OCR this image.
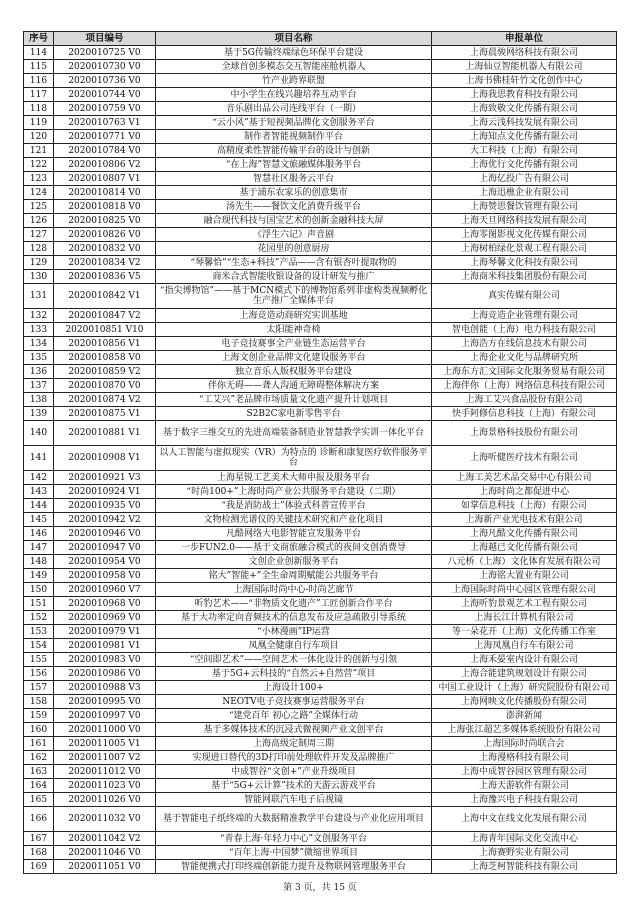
序号	项目编号	项目名称	申报单位
114	2020010725 V0	基于5G传输终端绿色环保平台建设	上海晨骏网络科技有限公司
115	2020010730 V0	全球首创多模态交互智能座舱机器人	上海仙豆智能机器人有限公司
116	2020010736 V0	竹产业跨界联盟	上海书佛桂轩竹文化创作中心
117	2020010744 V0	中小学生在线兴趣培养互动平台	上海我思教育科技有限公司
118	2020010759 V0	音乐剧出品公司连线平台（一期）	上海致敬文化传播有限公司
119	2020010763 V1	“云小风”基于短视频品牌化文创服务平台	上海云浅科技发展有限公司
120	2020010771 V0	制作者智能视频制作平台	上海知点文化传播有限公司
121	2020010784 V0	高精度柔性智能传输平台的设计与创新	大工科技（上海）有限公司
122	2020010806 V2	“在上海”智慧文旅融媒体服务平台	上海优行文化传播有限公司
123	2020010807 V1	智慧社区服务云平台	上海亿投广告有限公司
124	2020010814 V0	基于浦东农家乐的创意集市	上海迅樵企业有限公司
125	2020010818 V0	汤先生——餐饮文化消费升级平台	上海赞思餐饮管理有限公司
126	2020010825 V0	融合现代科技与国宝艺术的创新金融科技大屏	上海天旦网络科技发展有限公司
127	2020010826 V0	《浮生六记》声音剧	上海零图影视文化传媒有限公司
128	2020010832 V0	花园里的创意厨房	上海树柏绿化景观工程有限公司
129	2020010834 V2	“琴馨恰”“生态+科技”产品——含有银杏叶提取物的	上海琴馨文化科技有限公司
130	2020010836 V5	商米合式智能收银设备的设计研发与推广	上海商米科技集团股份有限公司
131	2020010842 V1	“指尖博物馆”——基于MCN模式下的博物馆系列非虚构类视频孵化生产推广全媒体平台	真实传媒有限公司
132	2020010847 V2	上海竞造动商研究实训基地	上海竞造企业管理有限公司
133	2020010851 V10	太阳能神奇椅	智电创能（上海）电力科技有限公司
134	2020010856 V1	电子竞技赛事全产业链生态运营平台	上海浩方在线信息技术有限公司
135	2020010858 V0	上海文创企业品牌文化建设服务平台	上海企业文化与品牌研究所
136	2020010859 V2	独立音乐人版权服务平台建设	上海东方汇文国际文化服务贸易有限公司
137	2020010870 V0	伴你无碍——聋人沟通无障碍整体解决方案	上海伴你（上海）网络信息科技有限公司
138	2020010874 V2	“工艾兴”老品牌市场质量文化遗产提升计划项目	上海工艾兴食品股份有限公司
139	2020010875 V1	S2B2C家电新零售平台	快手阿修信息科技（上海）有限公司
140	2020010881 V1	基于数字三维交互的先进高端装备制造业智慧教学实训一体化平台	上海景格科技股份有限公司
141	2020010908 V1	以人工智能与虚拟现实（VR）为特点的 诊断和康复医疗软件服务平台	上海听健医疗技术有限公司
142	2020010921 V3	上海星锐工艺美术大师申报及服务平台	上海工美艺术品交易中心有限公司
143	2020010924 V1	“时尚100+”上海时尚产业公共服务平台建设（二期）	上海时尚之都促进中心
144	2020010935 V0	“我是消防战士”体验式科普宣传平台	如掌信息科技（上海）有限公司
145	2020010942 V2	文物检测光谱仪的关键技术研究和产业化项目	上海新产业光电技术有限公司
146	2020010946 V0	凡酷网络大电影智能宣发服务平台	上海凡酷文化传播有限公司
147	2020010947 V0	一步FUN2.0——基于文商旅融合模式的夜间文创消费导	上海越已文化传播有限公司
148	2020010954 V0	文创企业创新服务平台	八元桥（上海）文化体育发展有限公司
149	2020010958 V0	铭大”智能+”全生命周期赋能公共服务平台	上海铭大置业有限公司
150	2020010960 V7	上海国际时尚中心-时尚艺廊节	上海国际时尚中心园区管理有限公司
151	2020010968 V0	听豹艺术——“非物质文化遗产”工匠创新合作平台	上海听豹景观艺术工程有限公司
152	2020010969 V0	基于大功率定向音频技术的信息发布及应急疏散引导系统	上海长江计算机有限公司
153	2020010979 V1	“小林漫画”IP运营	等一朵花开（上海）文化传播工作室
154	2020010981 V1	凤凰全健康自行车项目	上海凤凰自行车有限公司
155	2020010983 V0	“空间即艺术”——空间艺术一体化设计的创新与引领	上海禾晏室内设计有限公司
156	2020010986 V0	基于5G+云科技的“自然云+自然营”项目	上海合能建筑规划设计有限公司
157	2020010988 V3	上海设计100+	中国工业设计（上海）研究院股份有限公司
158	2020010995 V0	NEOTV电子竞技赛事运营服务平台	上海网映文化传播股份有限公司
159	2020010997 V0	“建党百年 初心之路”全媒体行动	澎湃新闻
160	2020011000 V0	基于多媒体技术的沉浸式微视频产业文创平台	上海张江超艺多媒体系统股份有限公司
161	2020011005 V1	上海高级定制周三期	上海国际时尚联合会
162	2020011007 V2	实现进口替代的3D打印前处理软件开发及品牌推广	上海漫格科技有限公司
163	2020011012 V0	中成智谷“文创+”产业升级项目	上海中成智谷园区管理有限公司
164	2020011023 V0	基于“5G+云计算”技术的天游云游戏平台	上海天游软件有限公司
165	2020011026 V0	智能网联汽车电子后视镜	上海豫兴电子科技有限公司
166	2020011032 V0	基于智能电子纸终端的大数据精准教学平台建设与产业化应用项目	上海中文在线文化发展有限公司
167	2020011042 V2	“青春上海·年轻力中心”文创服务平台	上海青年国际文化交流中心
168	2020011046 V0	“百年上海·中国梦”微缩世界项目	上海赛野实业有限公司
169	2020011051 V0	智能便携式打印终端创新能力提升及物联网管理服务平台	上海芝柯智能科技有限公司
第 3 页，共 15 页
